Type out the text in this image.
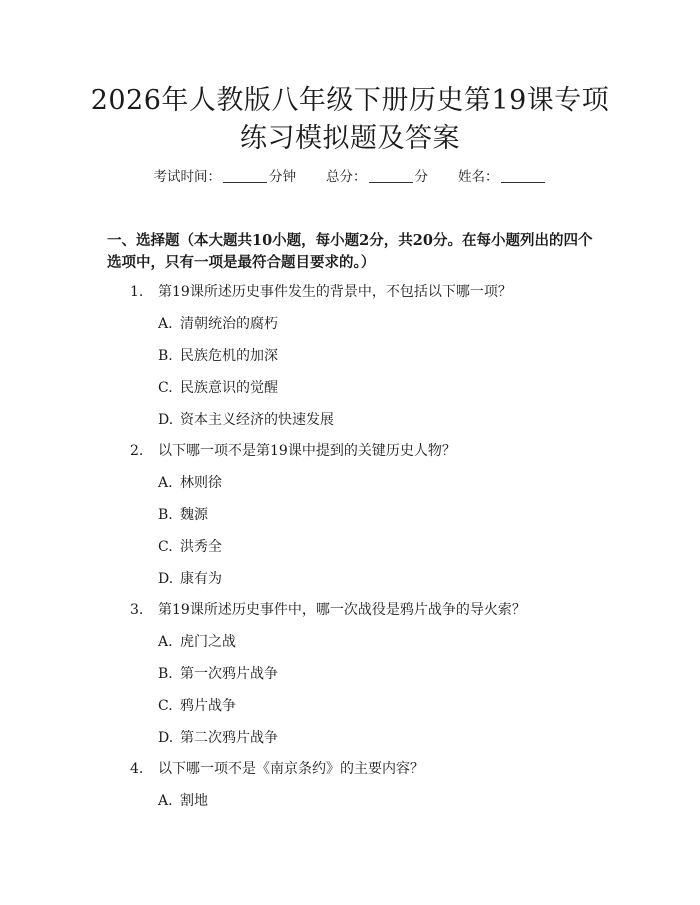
2026年人教版八年级下册历史第19课专项
练习模拟题及答案
考试时间：	分钟 总分：	分 姓名：
一、选择题（本大题共10小题，每小题2分，共20分。在每小题列出的四个选项中，只有一项是最符合题目要求的。）
1. 第19课所述历史事件发生的背景中，不包括以下哪一项？
A. 清朝统治的腐朽
B. 民族危机的加深
C. 民族意识的觉醒
D. 资本主义经济的快速发展
2. 以下哪一项不是第19课中提到的关键历史人物？
A. 林则徐
B. 魏源
C. 洪秀全
D. 康有为
3. 第19课所述历史事件中，哪一次战役是鸦片战争的导火索？
A. 虎门之战
B. 第一次鸦片战争
C. 鸦片战争
D. 第二次鸦片战争
4. 以下哪一项不是《南京条约》的主要内容？
A. 割地
